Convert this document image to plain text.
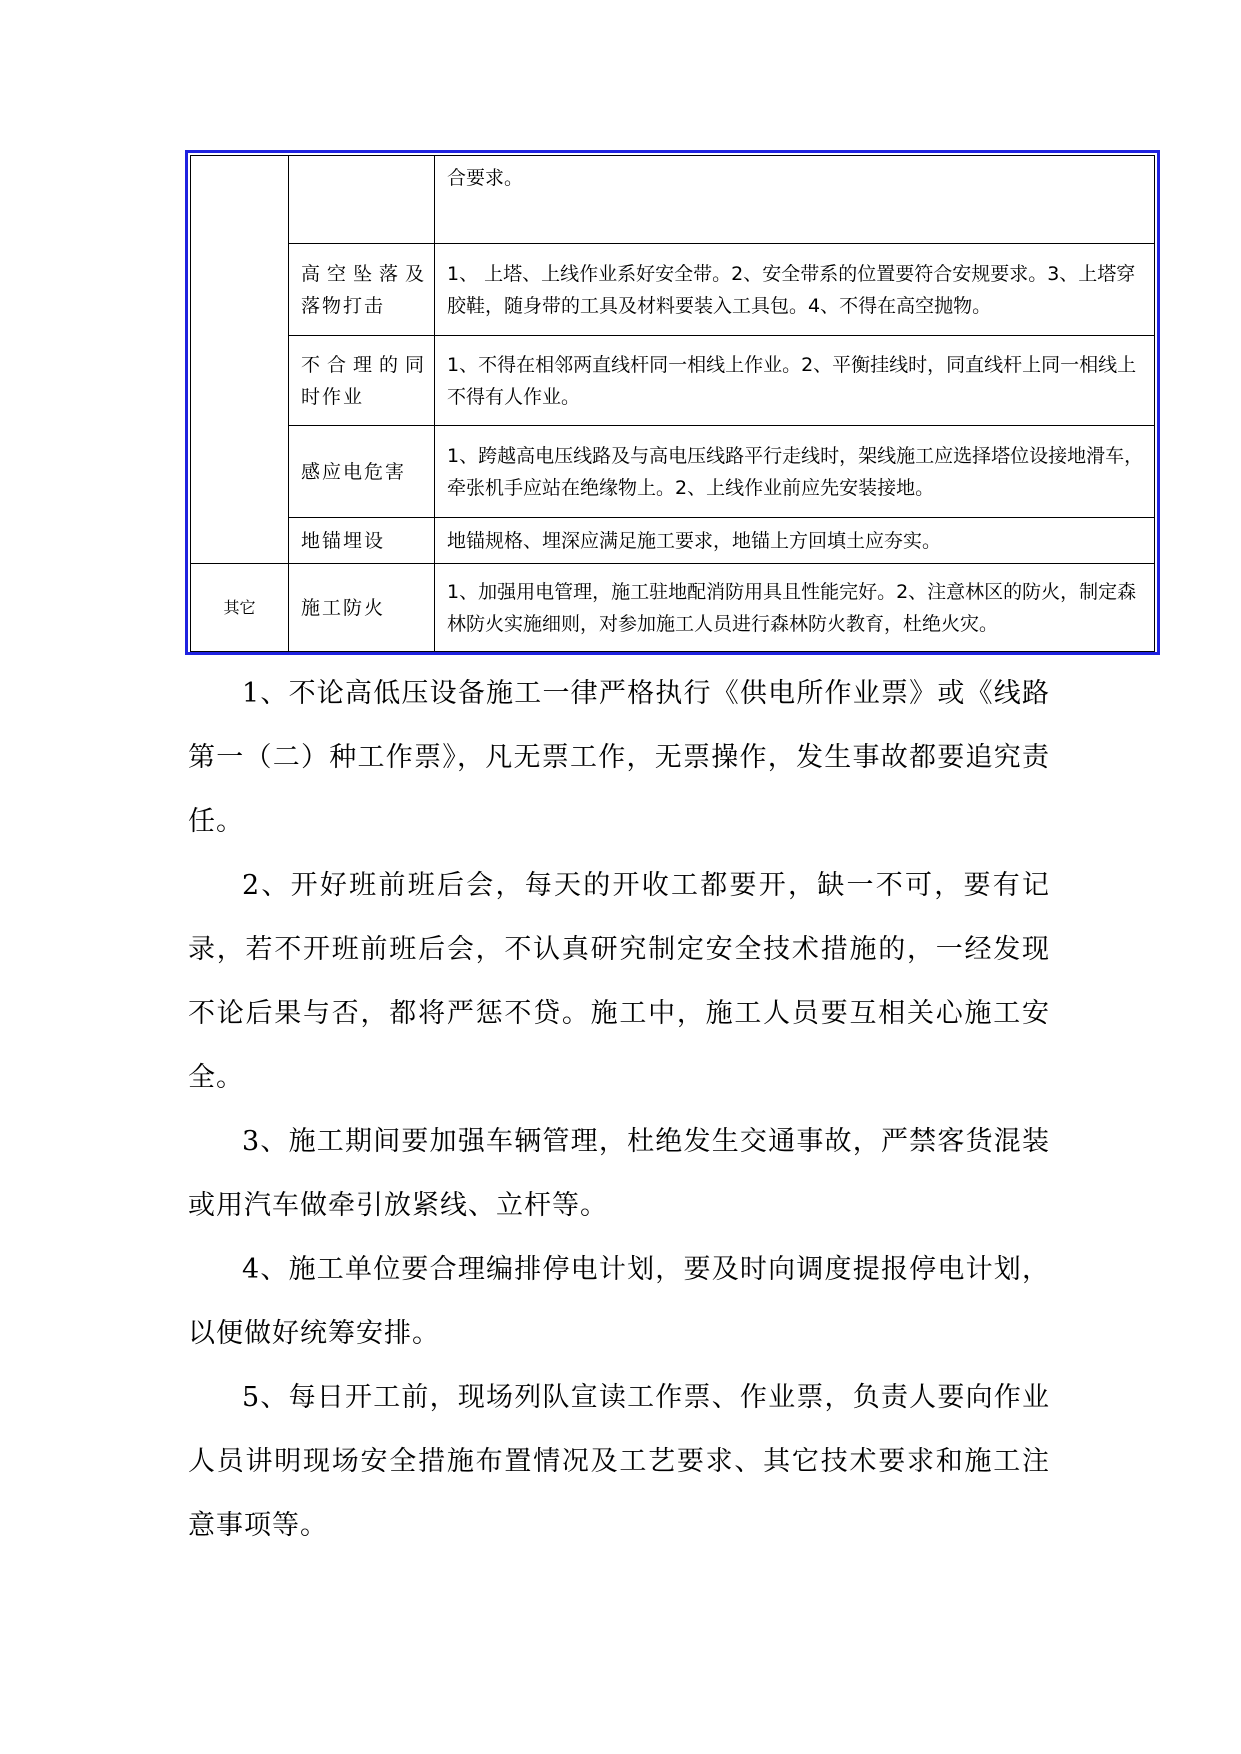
		合要求。
	高空坠落及落物打击	1、 上塔、上线作业系好安全带。2、安全带系的位置要符合安规要求。3、上塔穿胶鞋，随身带的工具及材料要装入工具包。4、不得在高空抛物。
	不合理的同时作业	1、不得在相邻两直线杆同一相线上作业。2、平衡挂线时，同直线杆上同一相线上不得有人作业。
	感应电危害	1、跨越高电压线路及与高电压线路平行走线时，架线施工应选择塔位设接地滑车，牵张机手应站在绝缘物上。2、上线作业前应先安装接地。
	地锚埋设	地锚规格、埋深应满足施工要求，地锚上方回填土应夯实。
其它	施工防火	1、加强用电管理，施工驻地配消防用具且性能完好。2、注意林区的防火，制定森林防火实施细则，对参加施工人员进行森林防火教育，杜绝火灾。

1、不论高低压设备施工一律严格执行《供电所作业票》或《线路第一（二）种工作票》，凡无票工作，无票操作，发生事故都要追究责任。

2、开好班前班后会，每天的开收工都要开，缺一不可，要有记录，若不开班前班后会，不认真研究制定安全技术措施的，一经发现不论后果与否，都将严惩不贷。施工中，施工人员要互相关心施工安全。

3、施工期间要加强车辆管理，杜绝发生交通事故，严禁客货混装或用汽车做牵引放紧线、立杆等。

4、施工单位要合理编排停电计划，要及时向调度提报停电计划，以便做好统筹安排。

5、每日开工前，现场列队宣读工作票、作业票，负责人要向作业人员讲明现场安全措施布置情况及工艺要求、其它技术要求和施工注意事项等。
